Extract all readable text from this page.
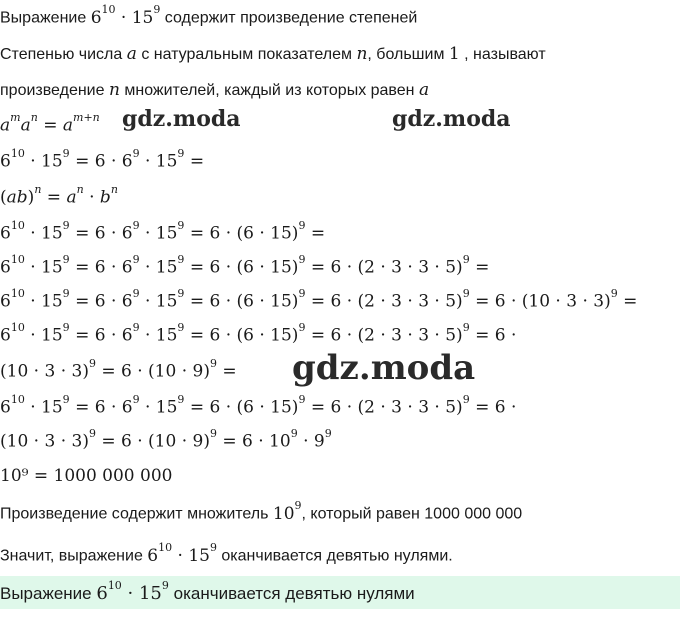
Выражение $6^{10} \cdot 15^9$ содержит произведение степеней
Степенью числа a с натуральным показателем n, большим 1 , называют
произведение n множителей, каждый из которых равен a
$a^ma^n = a^{m+n}$
$6^{10} \cdot 15^9 = 6 \cdot 6^9 \cdot 15^9$ =
$(ab)^n = a^n \cdot b^n$
$6^{10} \cdot 15^9 = 6 \cdot 6^9 \cdot 15^9 = 6 \cdot (6 \cdot 15)^9$ =
$6^{10} \cdot 15^9 = 6 \cdot 6^9 \cdot 15^9 = 6 \cdot (6 \cdot 15)^9 = 6 \cdot (2 \cdot 3 \cdot 3 \cdot 5)^9$ =
$6^{10} \cdot 15^9 = 6 \cdot 6^9 \cdot 15^9 = 6 \cdot (6 \cdot 15)^9 = 6 \cdot (2 \cdot 3 \cdot 3 \cdot 5)^9 = 6 \cdot (10 \cdot 3 \cdot 3)^9$ =
$6^{10} \cdot 15^9 = 6 \cdot 6^9 \cdot 15^9 = 6 \cdot (6 \cdot 15)^9 = 6 \cdot (2 \cdot 3 \cdot 3 \cdot 5)^9 = 6$ ·
$(10 \cdot 3 \cdot 3)^9 = 6 \cdot (10 \cdot 9)^9$ =
$6^{10} \cdot 15^9 = 6 \cdot 6^9 \cdot 15^9 = 6 \cdot (6 \cdot 15)^9 = 6 \cdot (2 \cdot 3 \cdot 3 \cdot 5)^9 = 6$ ·
$(10 \cdot 3 \cdot 3)^9 = 6 \cdot (10 \cdot 9)^9 = 6 \cdot 10^9 \cdot 9^9$
10⁹ = 1000 000 000
Произведение содержит множитель $10^9$, который равен 1000 000 000
Значит, выражение $6^{10} \cdot 15^9$ оканчивается девятью нулями.
Выражение $6^{10} \cdot 15^9$ оканчивается девятью нулями
gdz.moda	gdz.moda
gdz.moda
